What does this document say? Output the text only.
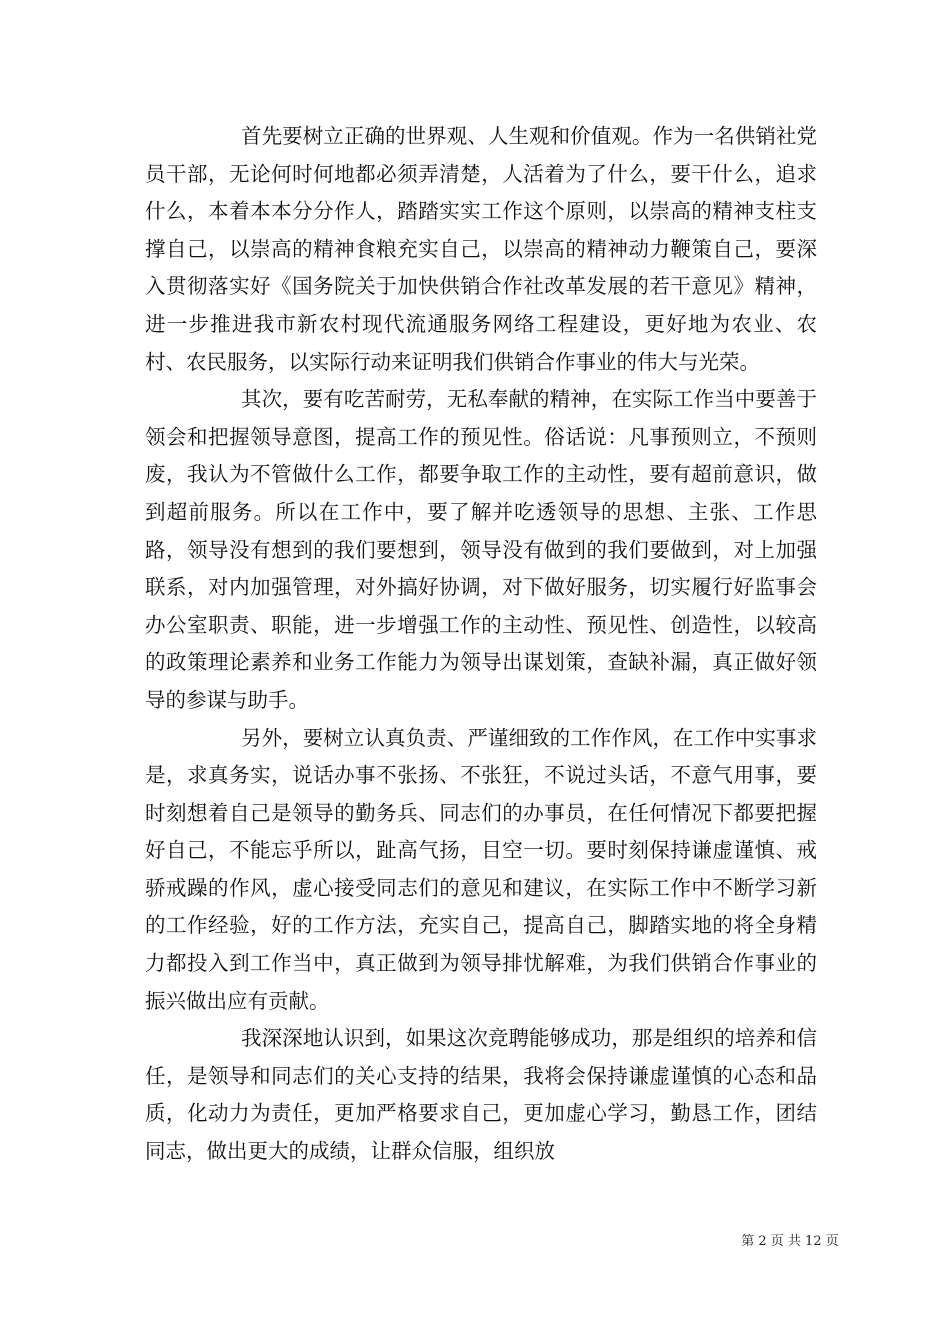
首先要树立正确的世界观、人生观和价值观。作为一名供销社党员干部，无论何时何地都必须弄清楚，人活着为了什么，要干什么，追求什么，本着本本分分作人，踏踏实实工作这个原则，以崇高的精神支柱支撑自己，以崇高的精神食粮充实自己，以崇高的精神动力鞭策自己，要深入贯彻落实好《国务院关于加快供销合作社改革发展的若干意见》精神，进一步推进我市新农村现代流通服务网络工程建设，更好地为农业、农村、农民服务，以实际行动来证明我们供销合作事业的伟大与光荣。

其次，要有吃苦耐劳，无私奉献的精神，在实际工作当中要善于领会和把握领导意图，提高工作的预见性。俗话说：凡事预则立，不预则废，我认为不管做什么工作，都要争取工作的主动性，要有超前意识，做到超前服务。所以在工作中，要了解并吃透领导的思想、主张、工作思路，领导没有想到的我们要想到，领导没有做到的我们要做到，对上加强联系，对内加强管理，对外搞好协调，对下做好服务，切实履行好监事会办公室职责、职能，进一步增强工作的主动性、预见性、创造性，以较高的政策理论素养和业务工作能力为领导出谋划策，查缺补漏，真正做好领导的参谋与助手。

另外，要树立认真负责、严谨细致的工作作风，在工作中实事求是，求真务实，说话办事不张扬、不张狂，不说过头话，不意气用事，要时刻想着自己是领导的勤务兵、同志们的办事员，在任何情况下都要把握好自己，不能忘乎所以，趾高气扬，目空一切。要时刻保持谦虚谨慎、戒骄戒躁的作风，虚心接受同志们的意见和建议，在实际工作中不断学习新的工作经验，好的工作方法，充实自己，提高自己，脚踏实地的将全身精力都投入到工作当中，真正做到为领导排忧解难，为我们供销合作事业的振兴做出应有贡献。

我深深地认识到，如果这次竞聘能够成功，那是组织的培养和信任，是领导和同志们的关心支持的结果，我将会保持谦虚谨慎的心态和品质，化动力为责任，更加严格要求自己，更加虚心学习，勤恳工作，团结同志，做出更大的成绩，让群众信服，组织放

第 2 页 共 12 页
